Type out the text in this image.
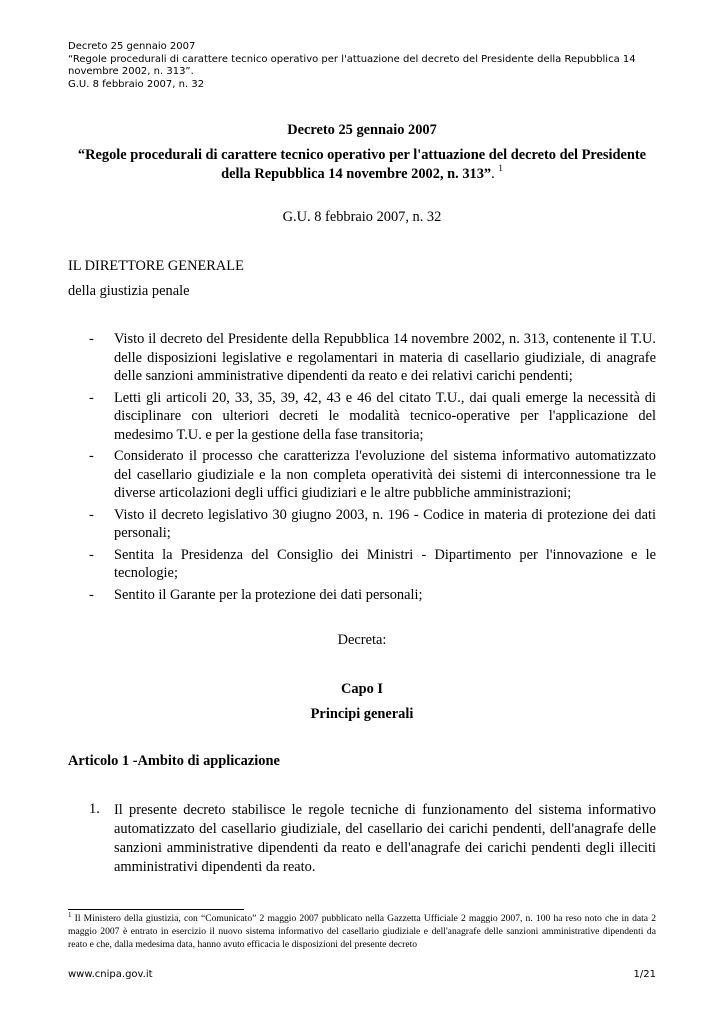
Decreto 25 gennaio 2007
“Regole procedurali di carattere tecnico operativo per l'attuazione del decreto del Presidente della Repubblica 14
novembre 2002, n. 313”.
G.U. 8 febbraio 2007, n. 32
Decreto 25 gennaio 2007
“Regole procedurali di carattere tecnico operativo per l'attuazione del decreto del Presidente della Repubblica 14 novembre 2002, n. 313”. $^1$
G.U. 8 febbraio 2007, n. 32
IL DIRETTORE GENERALE
della giustizia penale
- Visto il decreto del Presidente della Repubblica 14 novembre 2002, n. 313, contenente il T.U. delle disposizioni legislative e regolamentari in materia di casellario giudiziale, di anagrafe delle sanzioni amministrative dipendenti da reato e dei relativi carichi pendenti;
- Letti gli articoli 20, 33, 35, 39, 42, 43 e 46 del citato T.U., dai quali emerge la necessità di disciplinare con ulteriori decreti le modalità tecnico-operative per l'applicazione del medesimo T.U. e per la gestione della fase transitoria;
- Considerato il processo che caratterizza l'evoluzione del sistema informativo automatizzato del casellario giudiziale e la non completa operatività dei sistemi di interconnessione tra le diverse articolazioni degli uffici giudiziari e le altre pubbliche amministrazioni;
- Visto il decreto legislativo 30 giugno 2003, n. 196 - Codice in materia di protezione dei dati personali;
- Sentita la Presidenza del Consiglio dei Ministri - Dipartimento per l'innovazione e le tecnologie;
- Sentito il Garante per la protezione dei dati personali;
Decreta:
Capo I
Principi generali
Articolo 1 -Ambito di applicazione
1. Il presente decreto stabilisce le regole tecniche di funzionamento del sistema informativo automatizzato del casellario giudiziale, del casellario dei carichi pendenti, dell'anagrafe delle sanzioni amministrative dipendenti da reato e dell'anagrafe dei carichi pendenti degli illeciti amministrativi dipendenti da reato.
$^1$ Il Ministero della giustizia, con “Comunicato” 2 maggio 2007 pubblicato nella Gazzetta Ufficiale 2 maggio 2007, n. 100 ha reso noto che in data 2 maggio 2007 è entrato in esercizio il nuovo sistema informativo del casellario giudiziale e dell'anagrafe delle sanzioni amministrative dipendenti da reato e che, dalla medesima data, hanno avuto efficacia le disposizioni del presente decreto
www.cnipa.gov.it	1/21
